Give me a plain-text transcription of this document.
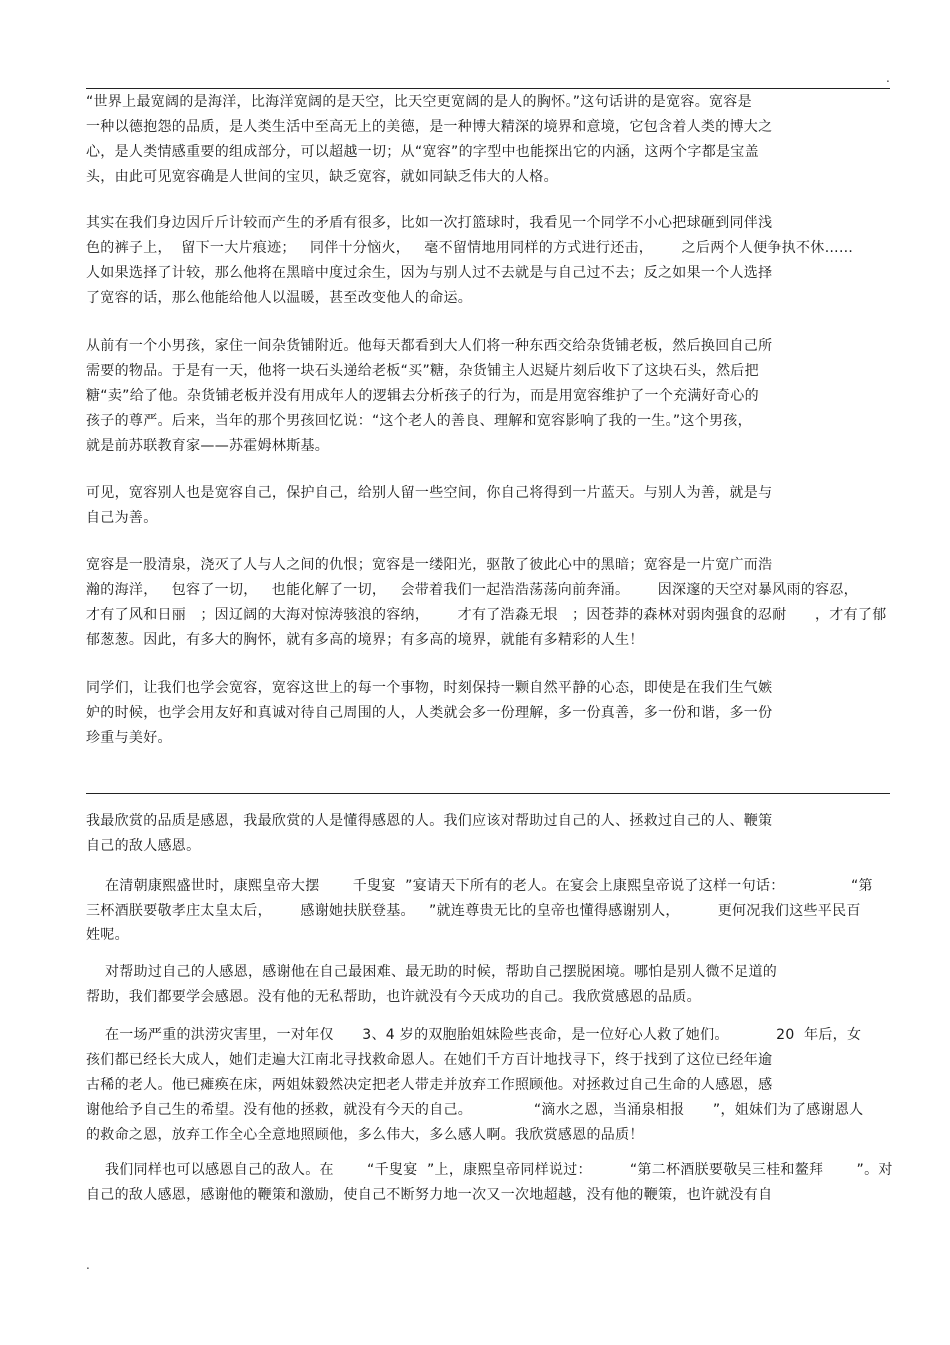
.
“世界上最宽阔的是海洋，比海洋宽阔的是天空，比天空更宽阔的是人的胸怀。”这句话讲的是宽容。宽容是
一种以德抱怨的品质，是人类生活中至高无上的美德，是一种博大精深的境界和意境，它包含着人类的博大之
心，是人类情感重要的组成部分，可以超越一切；从“宽容”的字型中也能探出它的内涵，这两个字都是宝盖
头，由此可见宽容确是人世间的宝贝，缺乏宽容，就如同缺乏伟大的人格。
其实在我们身边因斤斤计较而产生的矛盾有很多，比如一次打篮球时，我看见一个同学不小心把球砸到同伴浅
色的裤子上，  留下一大片痕迹；   同伴十分恼火，   毫不留情地用同样的方式进行还击，      之后两个人便争执不休……
人如果选择了计较，那么他将在黑暗中度过余生，因为与别人过不去就是与自己过不去；反之如果一个人选择
了宽容的话，那么他能给他人以温暖，甚至改变他人的命运。
从前有一个小男孩，家住一间杂货铺附近。他每天都看到大人们将一种东西交给杂货铺老板，然后换回自己所
需要的物品。于是有一天，他将一块石头递给老板“买”糖，杂货铺主人迟疑片刻后收下了这块石头，然后把
糖“卖”给了他。杂货铺老板并没有用成年人的逻辑去分析孩子的行为，而是用宽容维护了一个充满好奇心的
孩子的尊严。后来，当年的那个男孩回忆说：“这个老人的善良、理解和宽容影响了我的一生。”这个男孩，
就是前苏联教育家——苏霍姆林斯基。
可见，宽容别人也是宽容自己，保护自己，给别人留一些空间，你自己将得到一片蓝天。与别人为善，就是与
自己为善。
宽容是一股清泉，浇灭了人与人之间的仇恨；宽容是一缕阳光，驱散了彼此心中的黑暗；宽容是一片宽广而浩
瀚的海洋，   包容了一切，   也能化解了一切，   会带着我们一起浩浩荡荡向前奔涌。      因深邃的天空对暴风雨的容忍，
才有了风和日丽   ；因辽阔的大海对惊涛骇浪的容纳，      才有了浩淼无垠   ；因苍莽的森林对弱肉强食的忍耐      ，才有了郁
郁葱葱。因此，有多大的胸怀，就有多高的境界；有多高的境界，就能有多精彩的人生！
同学们，让我们也学会宽容，宽容这世上的每一个事物，时刻保持一颗自然平静的心态，即使是在我们生气嫉
妒的时候，也学会用友好和真诚对待自己周围的人，人类就会多一份理解，多一份真善，多一份和谐，多一份
珍重与美好。
我最欣赏的品质是感恩，我最欣赏的人是懂得感恩的人。我们应该对帮助过自己的人、拯救过自己的人、鞭策
自己的敌人感恩。
在清朝康熙盛世时，康熙皇帝大摆       千叟宴  ”宴请天下所有的老人。在宴会上康熙皇帝说了这样一句话：              “第
三杯酒朕要敬孝庄太皇太后，      感谢她扶朕登基。   ”就连尊贵无比的皇帝也懂得感谢别人，        更何况我们这些平民百
姓呢。
对帮助过自己的人感恩，感谢他在自己最困难、最无助的时候，帮助自己摆脱困境。哪怕是别人微不足道的
帮助，我们都要学会感恩。没有他的无私帮助，也许就没有今天成功的自己。我欣赏感恩的品质。
在一场严重的洪涝灾害里，一对年仅      3、4 岁的双胞胎姐妹险些丧命，是一位好心人救了她们。          20  年后，女
孩们都已经长大成人，她们走遍大江南北寻找救命恩人。在她们千方百计地找寻下，终于找到了这位已经年逾
古稀的老人。他已瘫痪在床，两姐妹毅然决定把老人带走并放弃工作照顾他。对拯救过自己生命的人感恩，感
谢他给予自己生的希望。没有他的拯救，就没有今天的自己。             “滴水之恩，当涌泉相报      ”，姐妹们为了感谢恩人
的救命之恩，放弃工作全心全意地照顾他，多么伟大，多么感人啊。我欣赏感恩的品质！
我们同样也可以感恩自己的敌人。在       “千叟宴  ”上，康熙皇帝同样说过：        “第二杯酒朕要敬吴三桂和鳌拜       ”。对
自己的敌人感恩，感谢他的鞭策和激励，使自己不断努力地一次又一次地超越，没有他的鞭策，也许就没有自
.
